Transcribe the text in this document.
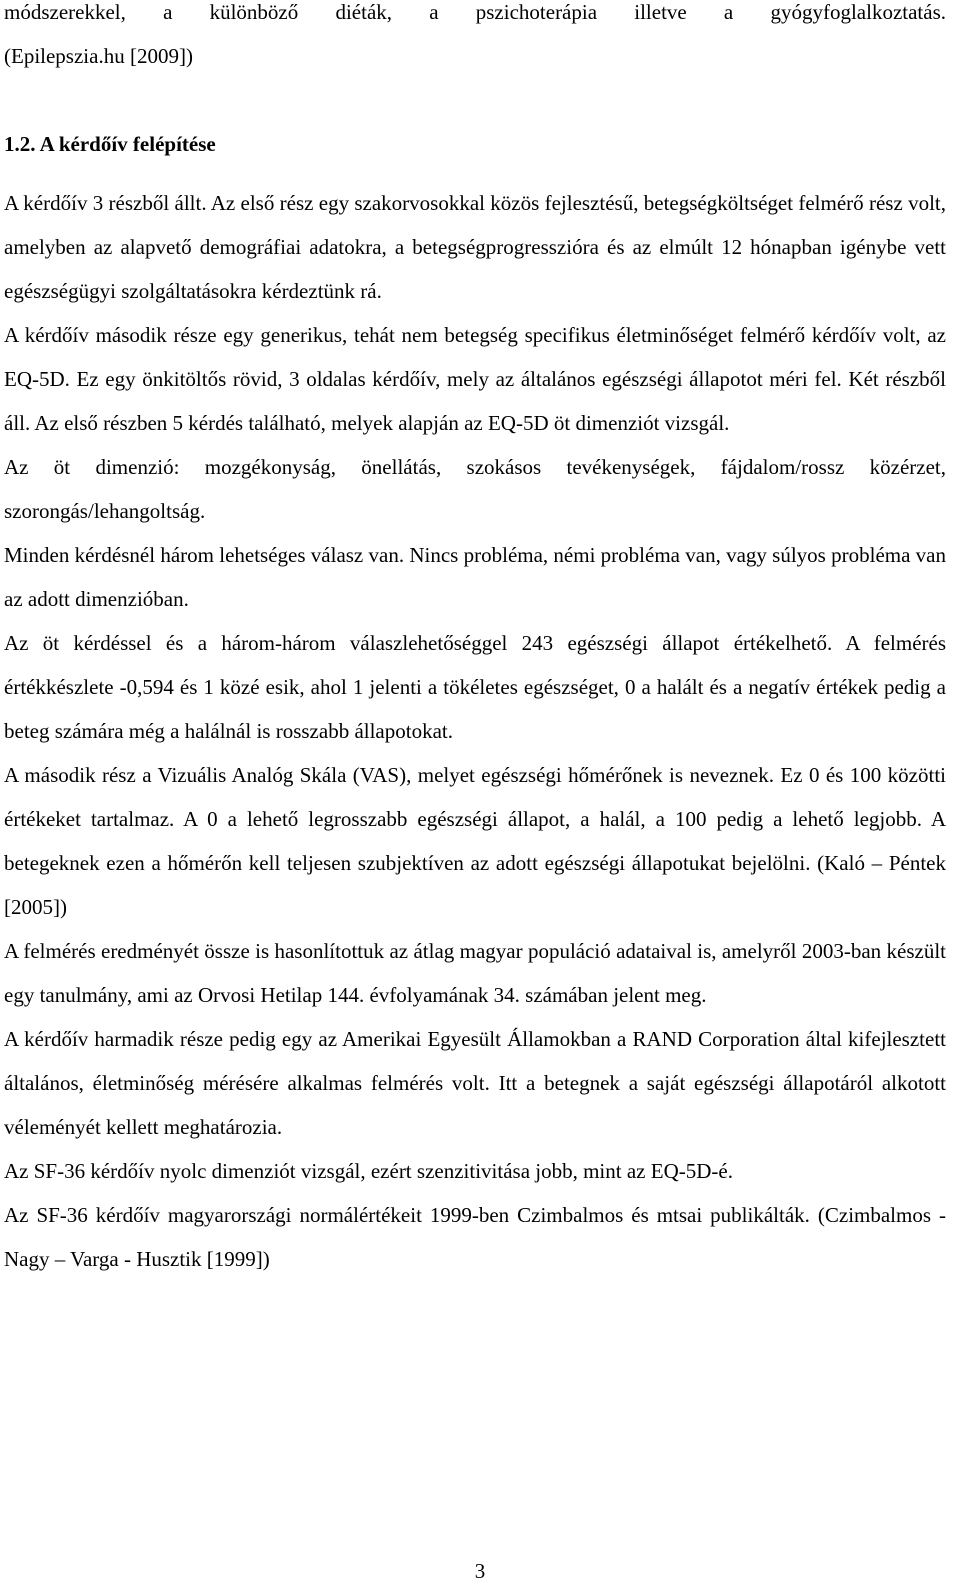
módszerekkel, a különböző diéták, a pszichoterápia illetve a gyógyfoglalkoztatás.

(Epilepszia.hu [2009])

1.2. A kérdőív felépítése

A kérdőív 3 részből állt. Az első rész egy szakorvosokkal közös fejlesztésű, betegségköltséget felmérő rész volt, amelyben az alapvető demográfiai adatokra, a betegségprogresszióra és az elmúlt 12 hónapban igénybe vett egészségügyi szolgáltatásokra kérdeztünk rá.

A kérdőív második része egy generikus, tehát nem betegség specifikus életminőséget felmérő kérdőív volt, az EQ-5D. Ez egy önkitöltős rövid, 3 oldalas kérdőív, mely az általános egészségi állapotot méri fel. Két részből áll. Az első részben 5 kérdés található, melyek alapján az EQ-5D öt dimenziót vizsgál.

Az öt dimenzió: mozgékonyság, önellátás, szokásos tevékenységek, fájdalom/rossz közérzet, szorongás/lehangoltság.

Minden kérdésnél három lehetséges válasz van. Nincs probléma, némi probléma van, vagy súlyos probléma van az adott dimenzióban.

Az öt kérdéssel és a három-három válaszlehetőséggel 243 egészségi állapot értékelhető. A felmérés értékkészlete -0,594 és 1 közé esik, ahol 1 jelenti a tökéletes egészséget, 0 a halált és a negatív értékek pedig a beteg számára még a halálnál is rosszabb állapotokat.

A második rész a Vizuális Analóg Skála (VAS), melyet egészségi hőmérőnek is neveznek. Ez 0 és 100 közötti értékeket tartalmaz. A 0 a lehető legrosszabb egészségi állapot, a halál, a 100 pedig a lehető legjobb. A betegeknek ezen a hőmérőn kell teljesen szubjektíven az adott egészségi állapotukat bejelölni. (Kaló – Péntek [2005])

A felmérés eredményét össze is hasonlítottuk az átlag magyar populáció adataival is, amelyről 2003-ban készült egy tanulmány, ami az Orvosi Hetilap 144. évfolyamának 34. számában jelent meg.

A kérdőív harmadik része pedig egy az Amerikai Egyesült Államokban a RAND Corporation által kifejlesztett általános, életminőség mérésére alkalmas felmérés volt. Itt a betegnek a saját egészségi állapotáról alkotott véleményét kellett meghatározia.

Az SF-36 kérdőív nyolc dimenziót vizsgál, ezért szenzitivitása jobb, mint az EQ-5D-é.

Az SF-36 kérdőív magyarországi normálértékeit 1999-ben Czimbalmos és mtsai publikálták. (Czimbalmos - Nagy – Varga - Husztik [1999])

3
